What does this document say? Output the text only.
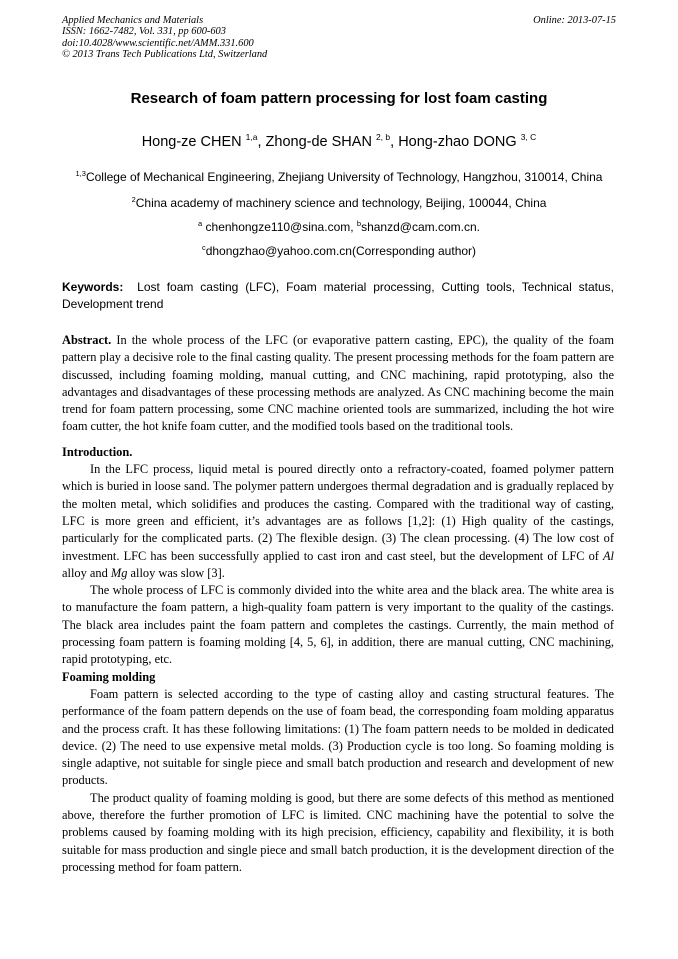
Applied Mechanics and Materials
ISSN: 1662-7482, Vol. 331, pp 600-603
doi:10.4028/www.scientific.net/AMM.331.600
© 2013 Trans Tech Publications Ltd, Switzerland
Online: 2013-07-15
Research of foam pattern processing for lost foam casting
Hong-ze CHEN $^{1,a}$, Zhong-de SHAN $^{2, b}$, Hong-zhao DONG $^{3, C}$
$^{1,3}$College of Mechanical Engineering, Zhejiang University of Technology, Hangzhou, 310014, China
$^2$China academy of machinery science and technology, Beijing, 100044, China
$^a$ chenhongze110@sina.com, $^b$shanzd@cam.com.cn.
$^c$dhongzhao@yahoo.com.cn(Corresponding author)
Keywords: Lost foam casting (LFC), Foam material processing, Cutting tools, Technical status, Development trend

Abstract. In the whole process of the LFC (or evaporative pattern casting, EPC), the quality of the foam pattern play a decisive role to the final casting quality. The present processing methods for the foam pattern are discussed, including foaming molding, manual cutting, and CNC machining, rapid prototyping, also the advantages and disadvantages of these processing methods are analyzed. As CNC machining become the main trend for foam pattern processing, some CNC machine oriented tools are summarized, including the hot wire foam cutter, the hot knife foam cutter, and the modified tools based on the traditional tools.

Introduction.

In the LFC process, liquid metal is poured directly onto a refractory-coated, foamed polymer pattern which is buried in loose sand. The polymer pattern undergoes thermal degradation and is gradually replaced by the molten metal, which solidifies and produces the casting. Compared with the traditional way of casting, LFC is more green and efficient, it’s advantages are as follows [1,2]: (1) High quality of the castings, particularly for the complicated parts. (2) The flexible design. (3) The clean processing. (4) The low cost of investment. LFC has been successfully applied to cast iron and cast steel, but the development of LFC of Al alloy and Mg alloy was slow [3].

The whole process of LFC is commonly divided into the white area and the black area. The white area is to manufacture the foam pattern, a high-quality foam pattern is very important to the quality of the castings. The black area includes paint the foam pattern and completes the castings. Currently, the main method of processing foam pattern is foaming molding [4, 5, 6], in addition, there are manual cutting, CNC machining, rapid prototyping, etc.

Foaming molding

Foam pattern is selected according to the type of casting alloy and casting structural features. The performance of the foam pattern depends on the use of foam bead, the corresponding foam molding apparatus and the process craft. It has these following limitations: (1) The foam pattern needs to be molded in dedicated device. (2) The need to use expensive metal molds. (3) Production cycle is too long. So foaming molding is single adaptive, not suitable for single piece and small batch production and research and development of new products.

The product quality of foaming molding is good, but there are some defects of this method as mentioned above, therefore the further promotion of LFC is limited. CNC machining have the potential to solve the problems caused by foaming molding with its high precision, efficiency, capability and flexibility, it is both suitable for mass production and single piece and small batch production, it is the development direction of the processing method for foam pattern.
